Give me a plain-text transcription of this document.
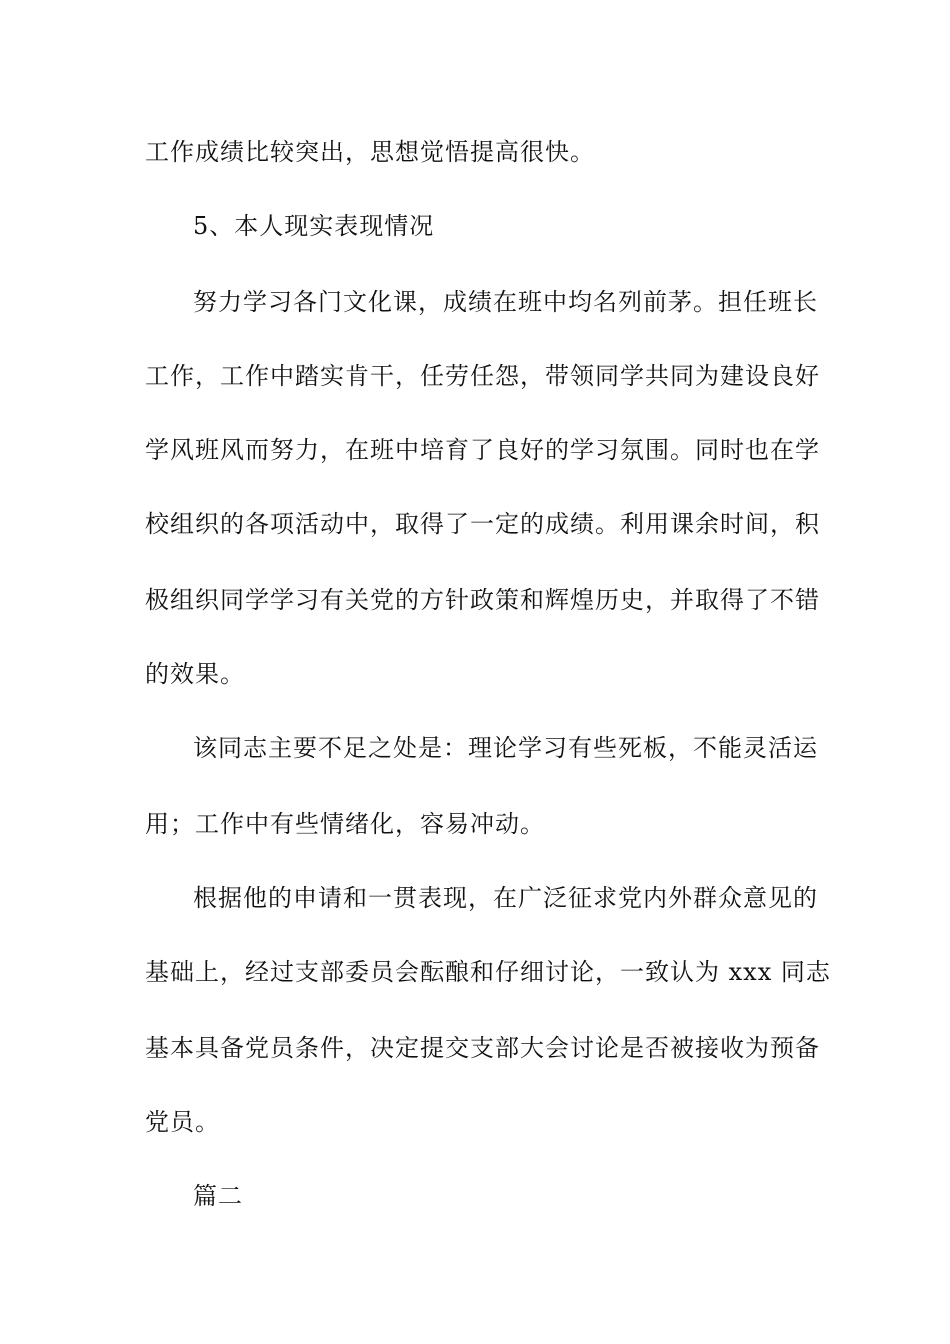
工作成绩比较突出，思想觉悟提高很快。
5、本人现实表现情况
努力学习各门文化课，成绩在班中均名列前茅。担任班长
工作，工作中踏实肯干，任劳任怨，带领同学共同为建设良好
学风班风而努力，在班中培育了良好的学习氛围。同时也在学
校组织的各项活动中，取得了一定的成绩。利用课余时间，积
极组织同学学习有关党的方针政策和辉煌历史，并取得了不错
的效果。
该同志主要不足之处是：理论学习有些死板，不能灵活运
用；工作中有些情绪化，容易冲动。
根据他的申请和一贯表现，在广泛征求党内外群众意见的
基础上，经过支部委员会酝酿和仔细讨论，一致认为 xxx 同志
基本具备党员条件，决定提交支部大会讨论是否被接收为预备
党员。
篇二
